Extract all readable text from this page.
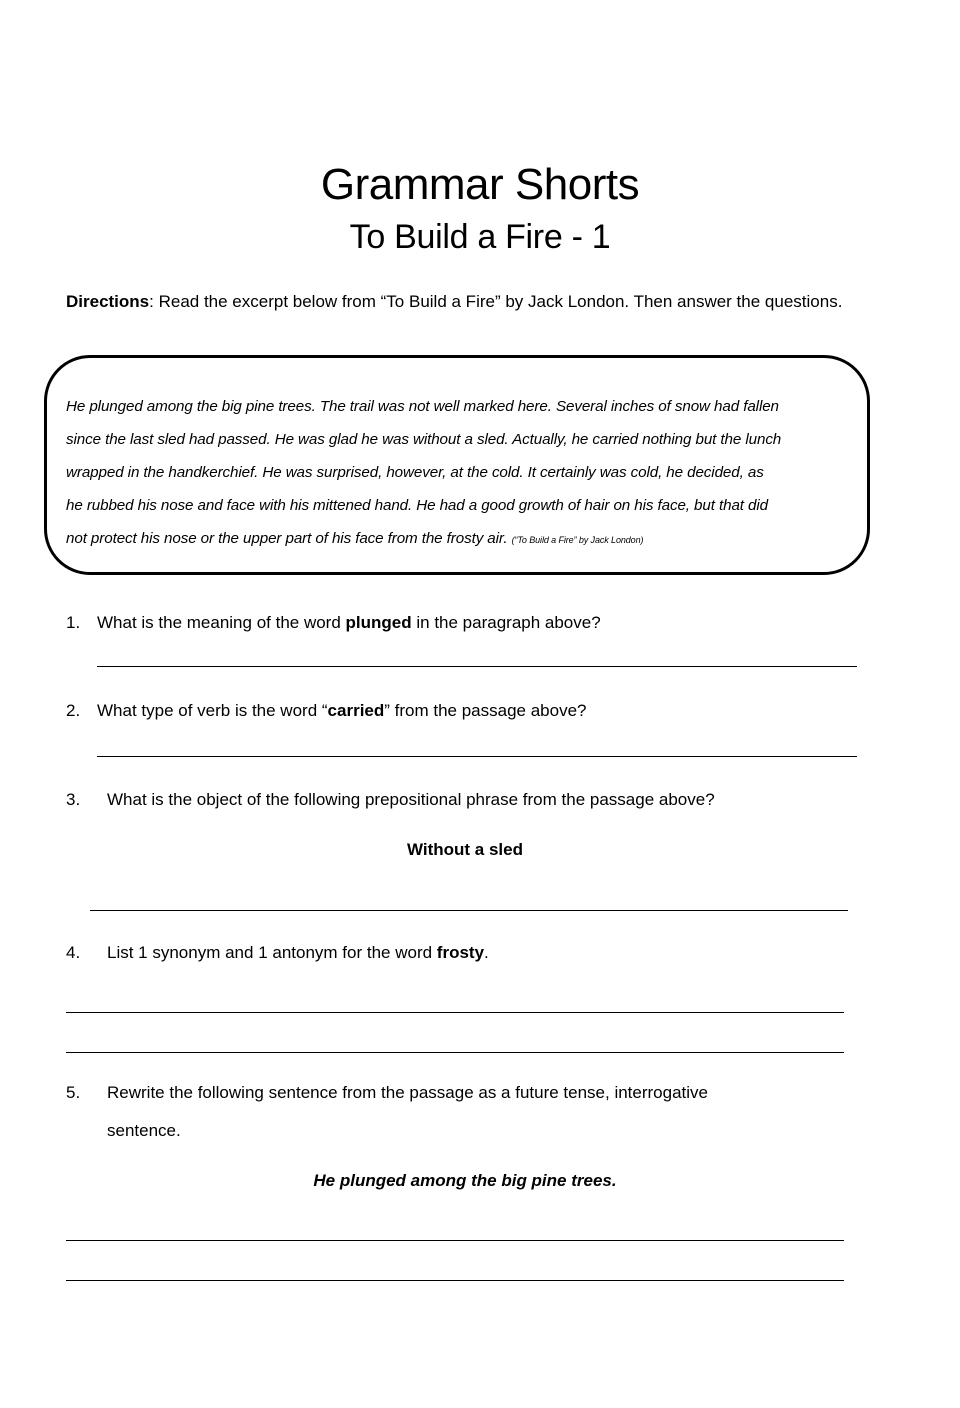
Grammar Shorts
To Build a Fire - 1
Directions: Read the excerpt below from “To Build a Fire” by Jack London. Then answer the questions.
He plunged among the big pine trees. The trail was not well marked here. Several inches of snow had fallen
since the last sled had passed. He was glad he was without a sled. Actually, he carried nothing but the lunch
wrapped in the handkerchief. He was surprised, however, at the cold. It certainly was cold, he decided, as
he rubbed his nose and face with his mittened hand. He had a good growth of hair on his face, but that did
not protect his nose or the upper part of his face from the frosty air. (“To Build a Fire” by Jack London)
1. What is the meaning of the word plunged in the paragraph above?
2. What type of verb is the word “carried” from the passage above?
3. What is the object of the following prepositional phrase from the passage above?
Without a sled
4. List 1 synonym and 1 antonym for the word frosty.
5. Rewrite the following sentence from the passage as a future tense, interrogative
sentence.
He plunged among the big pine trees.
